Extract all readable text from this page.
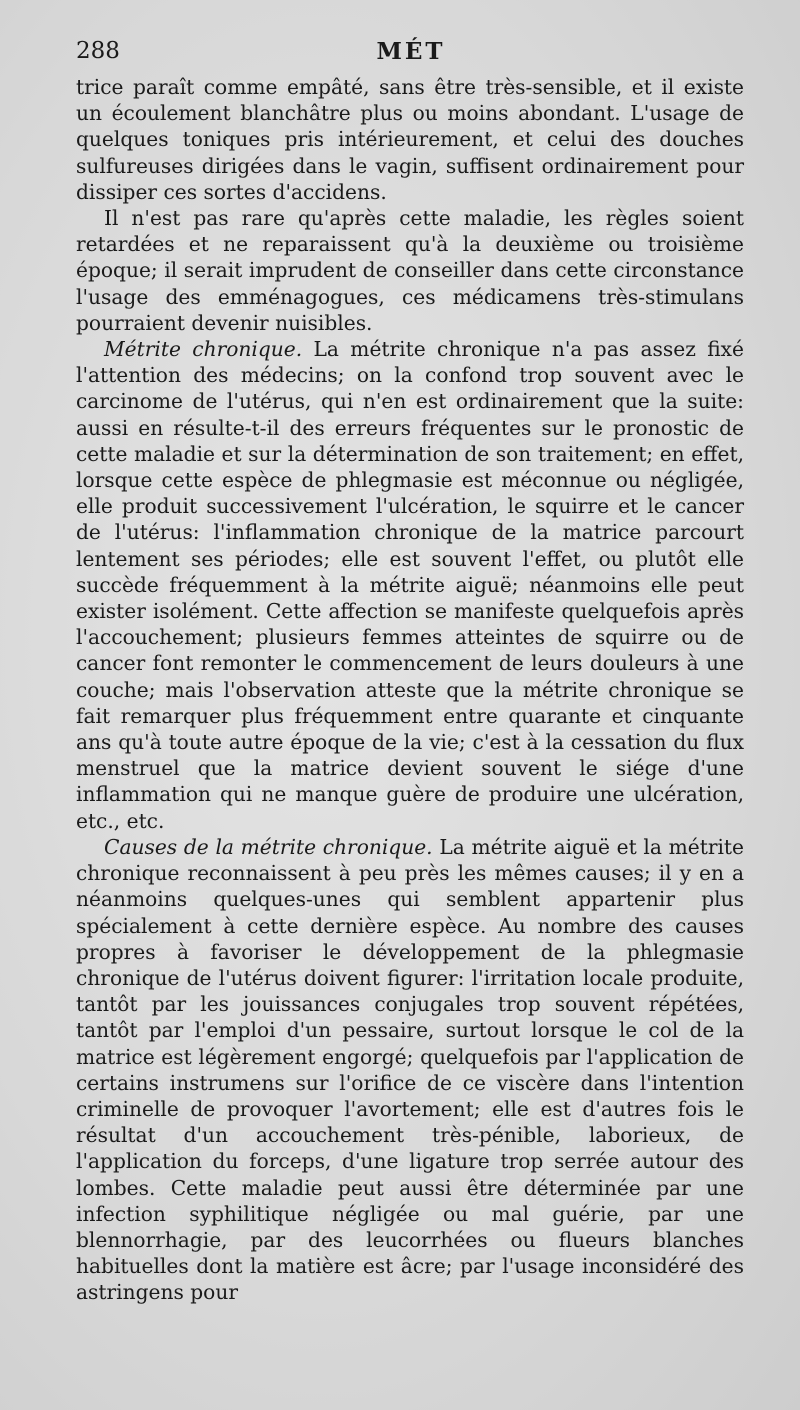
288	MÉT

trice paraît comme empâté, sans être très-sensible, et il existe un écoulement blanchâtre plus ou moins abondant. L'usage de quelques toniques pris intérieurement, et celui des douches sulfureuses dirigées dans le vagin, suffisent ordinairement pour dissiper ces sortes d'accidens.

Il n'est pas rare qu'après cette maladie, les règles soient retardées et ne reparaissent qu'à la deuxième ou troisième époque; il serait imprudent de conseiller dans cette circonstance l'usage des emménagogues, ces médicamens très-stimulans pourraient devenir nuisibles.

Métrite chronique. La métrite chronique n'a pas assez fixé l'attention des médecins; on la confond trop souvent avec le carcinome de l'utérus, qui n'en est ordinairement que la suite: aussi en résulte-t-il des erreurs fréquentes sur le pronostic de cette maladie et sur la détermination de son traitement; en effet, lorsque cette espèce de phlegmasie est méconnue ou négligée, elle produit successivement l'ulcération, le squirre et le cancer de l'utérus: l'inflammation chronique de la matrice parcourt lentement ses périodes; elle est souvent l'effet, ou plutôt elle succède fréquemment à la métrite aiguë; néanmoins elle peut exister isolément. Cette affection se manifeste quelquefois après l'accouchement; plusieurs femmes atteintes de squirre ou de cancer font remonter le commencement de leurs douleurs à une couche; mais l'observation atteste que la métrite chronique se fait remarquer plus fréquemment entre quarante et cinquante ans qu'à toute autre époque de la vie; c'est à la cessation du flux menstruel que la matrice devient souvent le siége d'une inflammation qui ne manque guère de produire une ulcération, etc., etc.

Causes de la métrite chronique. La métrite aiguë et la métrite chronique reconnaissent à peu près les mêmes causes; il y en a néanmoins quelques-unes qui semblent appartenir plus spécialement à cette dernière espèce. Au nombre des causes propres à favoriser le développement de la phlegmasie chronique de l'utérus doivent figurer: l'irritation locale produite, tantôt par les jouissances conjugales trop souvent répétées, tantôt par l'emploi d'un pessaire, surtout lorsque le col de la matrice est légèrement engorgé; quelquefois par l'application de certains instrumens sur l'orifice de ce viscère dans l'intention criminelle de provoquer l'avortement; elle est d'autres fois le résultat d'un accouchement très-pénible, laborieux, de l'application du forceps, d'une ligature trop serrée autour des lombes. Cette maladie peut aussi être déterminée par une infection syphilitique négligée ou mal guérie, par une blennorrhagie, par des leucorrhées ou flueurs blanches habituelles dont la matière est âcre; par l'usage inconsidéré des astringens pour
